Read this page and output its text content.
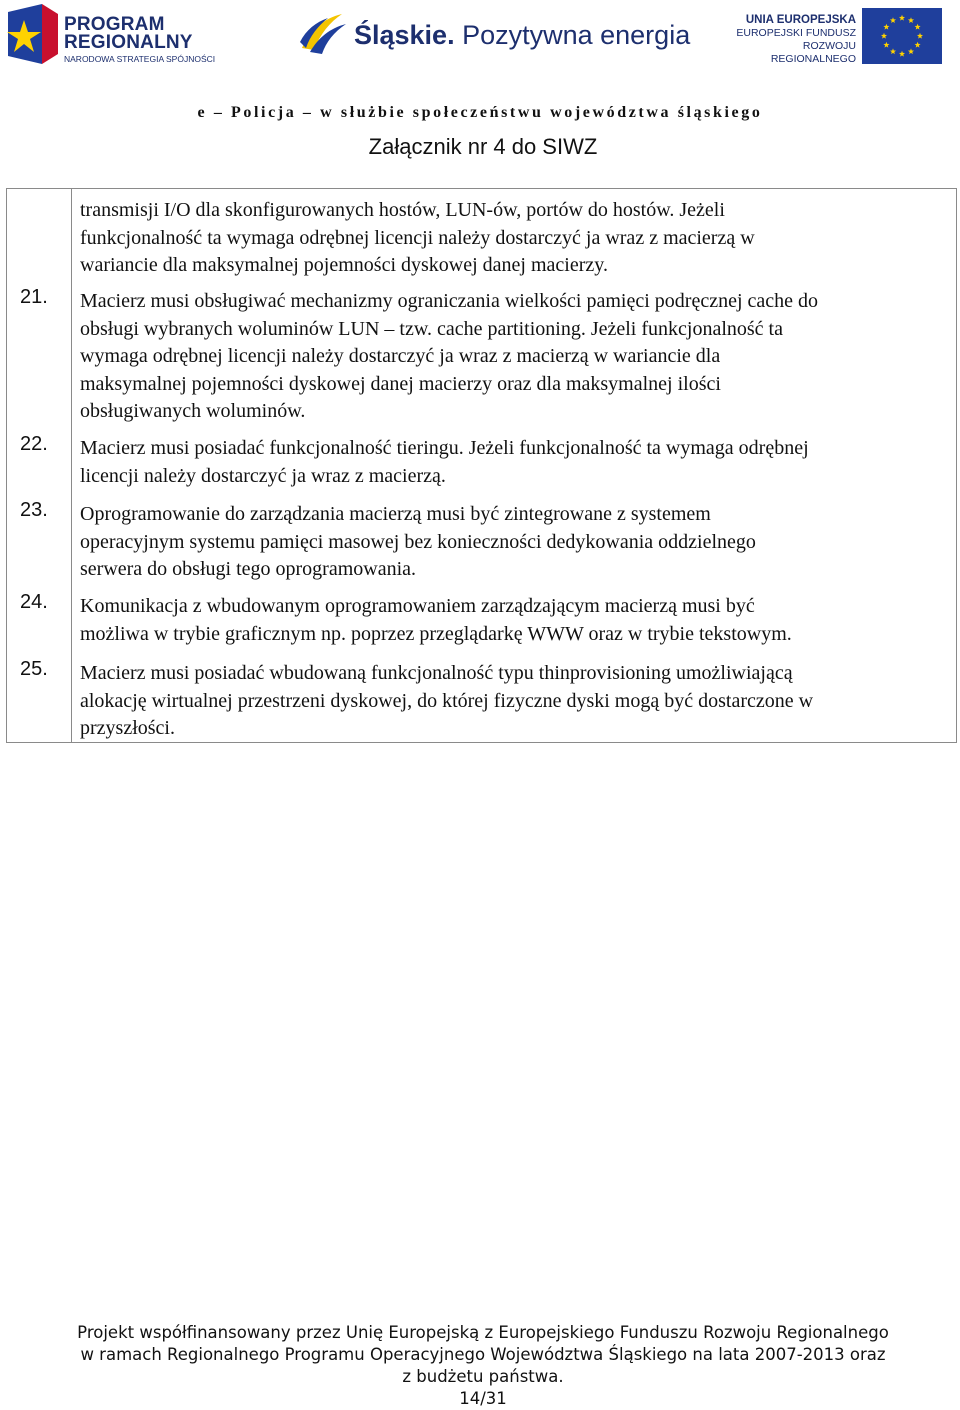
PROGRAM
REGIONALNY
NARODOWA STRATEGIA SPÓJNOŚCI
Śląskie. Pozytywna energia	UNIA EUROPEJSKA
EUROPEJSKI FUNDUSZ
ROZWOJU REGIONALNEGO
e – Policja – w służbie społeczeństwu województwa śląskiego
Załącznik nr 4 do SIWZ
transmisji I/O dla skonfigurowanych hostów, LUN-ów, portów do hostów. Jeżeli
funkcjonalność ta wymaga odrębnej licencji należy dostarczyć ja wraz z macierzą w
wariancie dla maksymalnej pojemności dyskowej danej macierzy.
21. Macierz musi obsługiwać mechanizmy ograniczania wielkości pamięci podręcznej cache do
obsługi wybranych woluminów LUN – tzw. cache partitioning. Jeżeli funkcjonalność ta
wymaga odrębnej licencji należy dostarczyć ja wraz z macierzą w wariancie dla
maksymalnej pojemności dyskowej danej macierzy oraz dla maksymalnej ilości
obsługiwanych woluminów.
22. Macierz musi posiadać funkcjonalność tieringu. Jeżeli funkcjonalność ta wymaga odrębnej
licencji należy dostarczyć ja wraz z macierzą.
23. Oprogramowanie do zarządzania macierzą musi być zintegrowane z systemem
operacyjnym systemu pamięci masowej bez konieczności dedykowania oddzielnego
serwera do obsługi tego oprogramowania.
24. Komunikacja z wbudowanym oprogramowaniem zarządzającym macierzą musi być
możliwa w trybie graficznym np. poprzez przeglądarkę WWW oraz w trybie tekstowym.
25. Macierz musi posiadać wbudowaną funkcjonalność typu thinprovisioning umożliwiającą
alokację wirtualnej przestrzeni dyskowej, do której fizyczne dyski mogą być dostarczone w
przyszłości.
Projekt współfinansowany przez Unię Europejską z Europejskiego Funduszu Rozwoju Regionalnego
w ramach Regionalnego Programu Operacyjnego Województwa Śląskiego na lata 2007-2013 oraz
z budżetu państwa.
14/31
